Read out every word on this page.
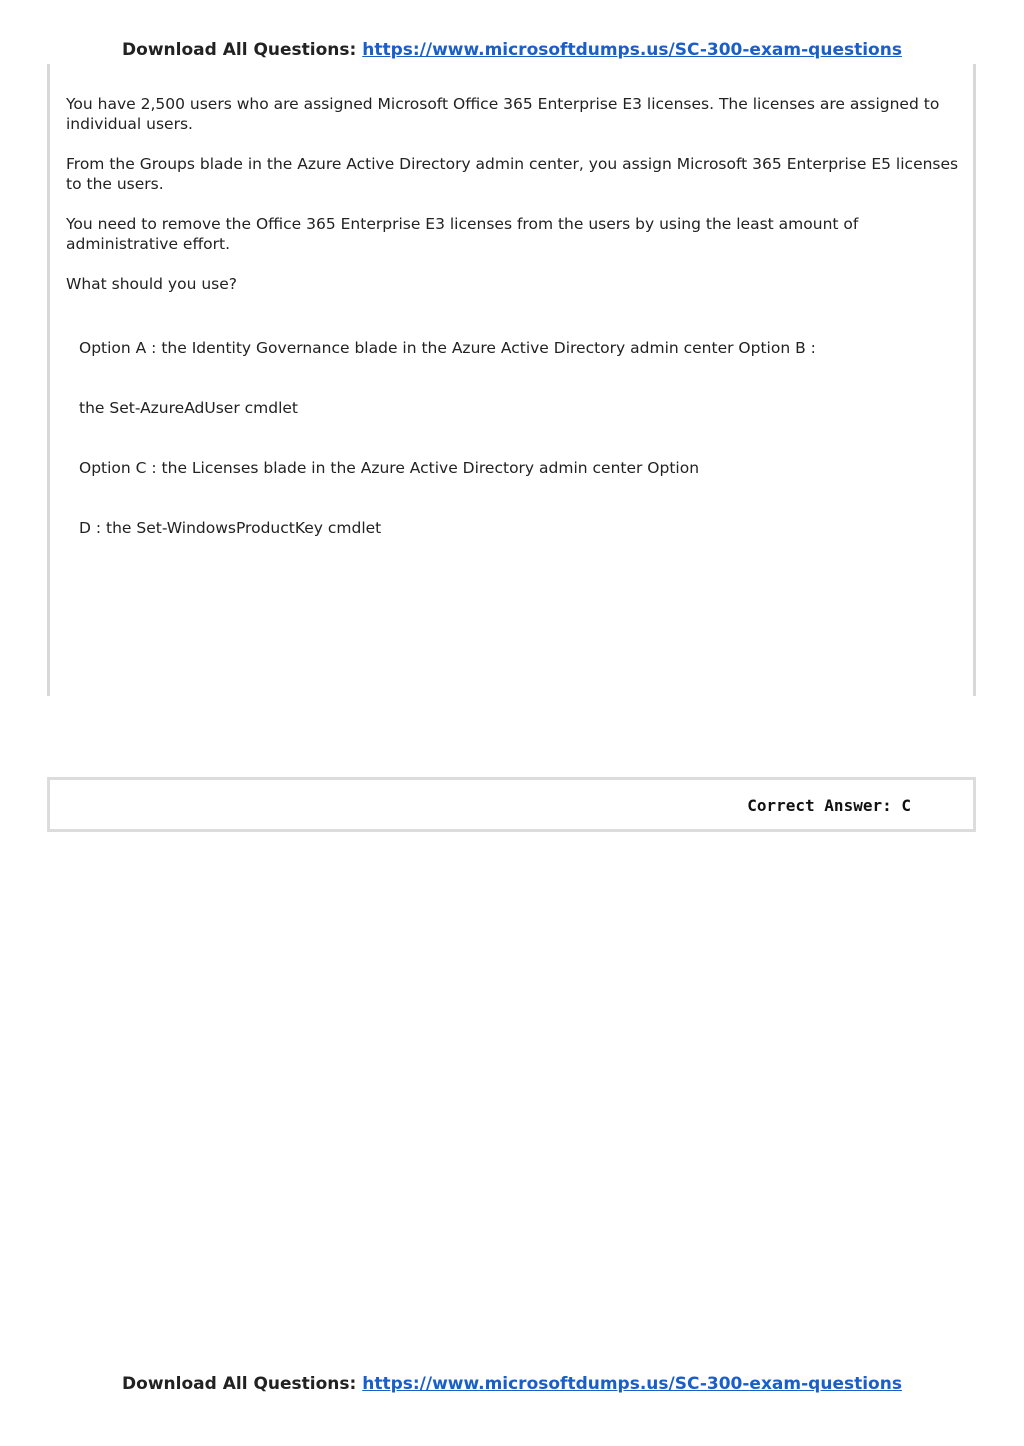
Download All Questions: https://www.microsoftdumps.us/SC-300-exam-questions

You have 2,500 users who are assigned Microsoft Office 365 Enterprise E3 licenses. The licenses are assigned to individual users.

From the Groups blade in the Azure Active Directory admin center, you assign Microsoft 365 Enterprise E5 licenses to the users.

You need to remove the Office 365 Enterprise E3 licenses from the users by using the least amount of administrative effort.

What should you use?

Option A : the Identity Governance blade in the Azure Active Directory admin center Option B :

the Set-AzureAdUser cmdlet

Option C : the Licenses blade in the Azure Active Directory admin center Option

D : the Set-WindowsProductKey cmdlet

Correct Answer: C
Download All Questions: https://www.microsoftdumps.us/SC-300-exam-questions
